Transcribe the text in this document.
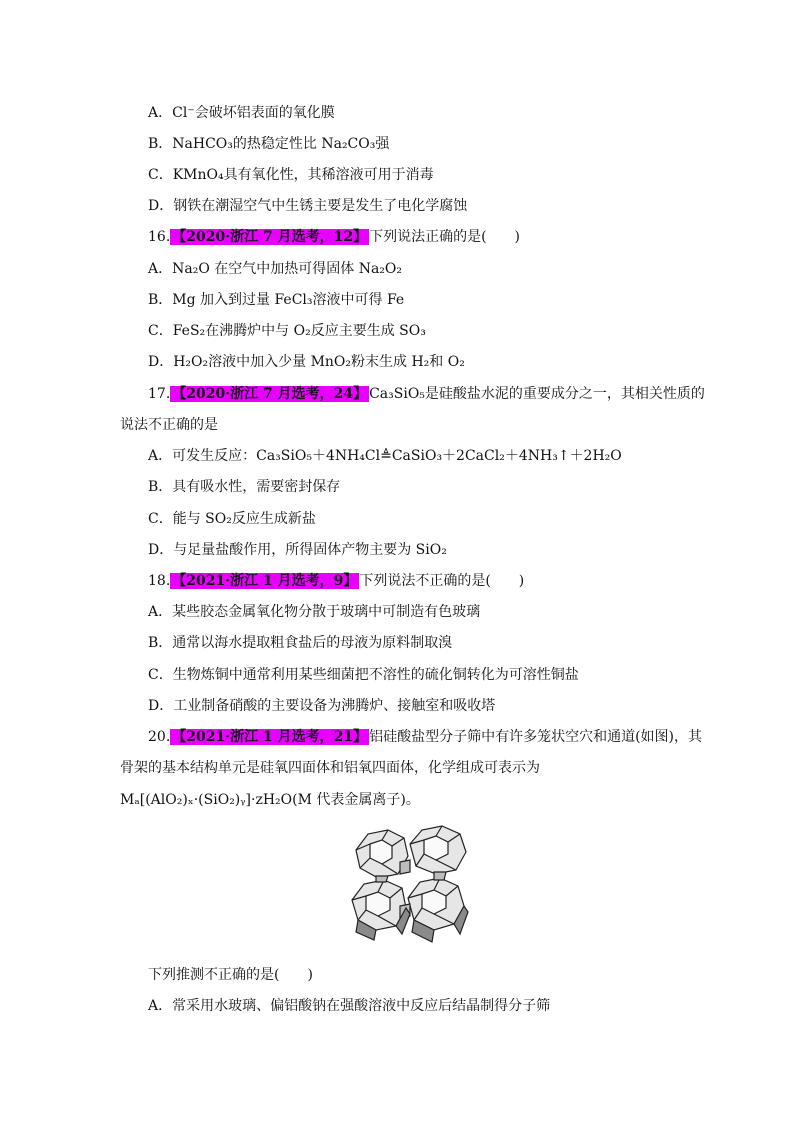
A．Cl⁻会破坏铝表面的氧化膜
B．NaHCO₃的热稳定性比 Na₂CO₃强
C．KMnO₄具有氧化性，其稀溶液可用于消毒
D．钢铁在潮湿空气中生锈主要是发生了电化学腐蚀
16. 【2020·浙江 7 月选考，12】 下列说法正确的是(　　)
A．Na₂O 在空气中加热可得固体 Na₂O₂
B．Mg 加入到过量 FeCl₃溶液中可得 Fe
C．FeS₂在沸腾炉中与 O₂反应主要生成 SO₃
D．H₂O₂溶液中加入少量 MnO₂粉末生成 H₂和 O₂
17. 【2020·浙江 7 月选考，24】 Ca₃SiO₅是硅酸盐水泥的重要成分之一，其相关性质的
说法不正确的是
A．可发生反应：Ca₃SiO₅＋4NH₄Cl≜CaSiO₃＋2CaCl₂＋4NH₃↑＋2H₂O
B．具有吸水性，需要密封保存
C．能与 SO₂反应生成新盐
D．与足量盐酸作用，所得固体产物主要为 SiO₂
18. 【2021·浙江 1 月选考，9】 下列说法不正确的是(　　)
A．某些胶态金属氧化物分散于玻璃中可制造有色玻璃
B．通常以海水提取粗食盐后的母液为原料制取溴
C．生物炼铜中通常利用某些细菌把不溶性的硫化铜转化为可溶性铜盐
D．工业制备硝酸的主要设备为沸腾炉、接触室和吸收塔
20. 【2021·浙江 1 月选考，21】 铝硅酸盐型分子筛中有许多笼状空穴和通道(如图)，其
骨架的基本结构单元是硅氧四面体和铝氧四面体，化学组成可表示为
Mₐ[(AlO₂)ₓ·(SiO₂)ᵧ]·zH₂O(M 代表金属离子)。
下列推测不正确的是(　　)
A．常采用水玻璃、偏铝酸钠在强酸溶液中反应后结晶制得分子筛
